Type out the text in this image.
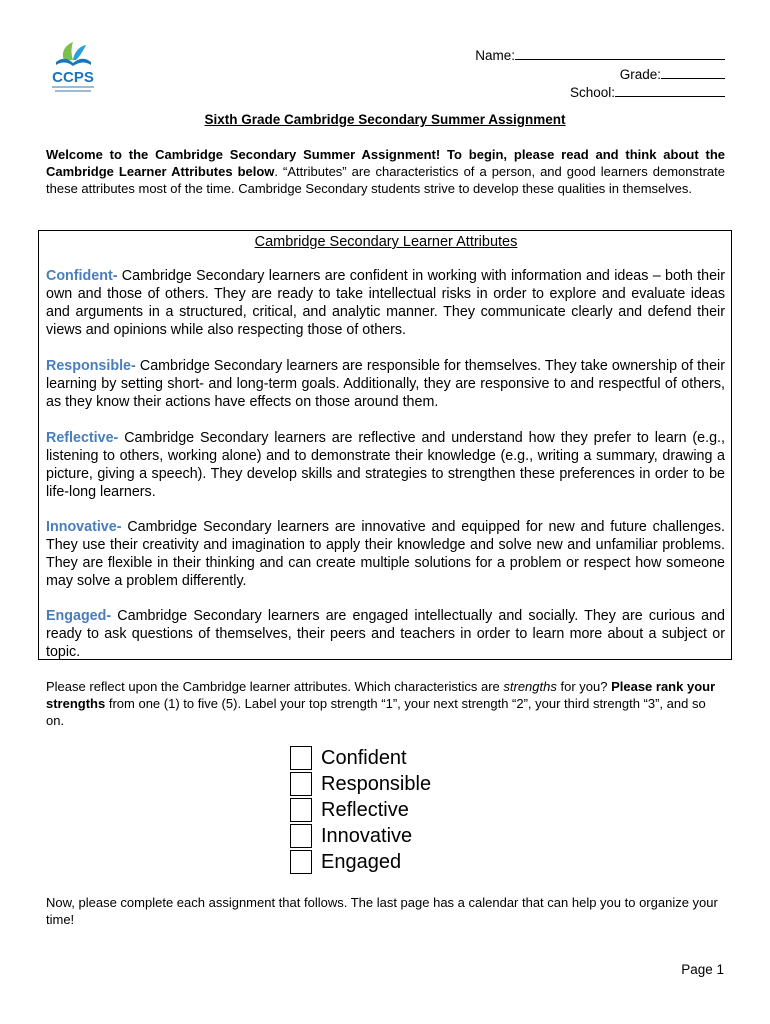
CCPS
Name:
Grade:
School:
Sixth Grade Cambridge Secondary Summer Assignment
Welcome to the Cambridge Secondary Summer Assignment! To begin, please read and think about the Cambridge Learner Attributes below. “Attributes” are characteristics of a person, and good learners demonstrate these attributes most of the time. Cambridge Secondary students strive to develop these qualities in themselves.
Cambridge Secondary Learner Attributes
Confident- Cambridge Secondary learners are confident in working with information and ideas – both their own and those of others. They are ready to take intellectual risks in order to explore and evaluate ideas and arguments in a structured, critical, and analytic manner. They communicate clearly and defend their views and opinions while also respecting those of others.
Responsible- Cambridge Secondary learners are responsible for themselves. They take ownership of their learning by setting short- and long-term goals. Additionally, they are responsive to and respectful of others, as they know their actions have effects on those around them.
Reflective- Cambridge Secondary learners are reflective and understand how they prefer to learn (e.g., listening to others, working alone) and to demonstrate their knowledge (e.g., writing a summary, drawing a picture, giving a speech). They develop skills and strategies to strengthen these preferences in order to be life-long learners.
Innovative- Cambridge Secondary learners are innovative and equipped for new and future challenges. They use their creativity and imagination to apply their knowledge and solve new and unfamiliar problems. They are flexible in their thinking and can create multiple solutions for a problem or respect how someone may solve a problem differently.
Engaged- Cambridge Secondary learners are engaged intellectually and socially. They are curious and ready to ask questions of themselves, their peers and teachers in order to learn more about a subject or topic.
Please reflect upon the Cambridge learner attributes. Which characteristics are strengths for you? Please rank your strengths from one (1) to five (5). Label your top strength “1”, your next strength “2”, your third strength “3”, and so on.
Confident
Responsible
Reflective
Innovative
Engaged
Now, please complete each assignment that follows. The last page has a calendar that can help you to organize your time!
Page 1
